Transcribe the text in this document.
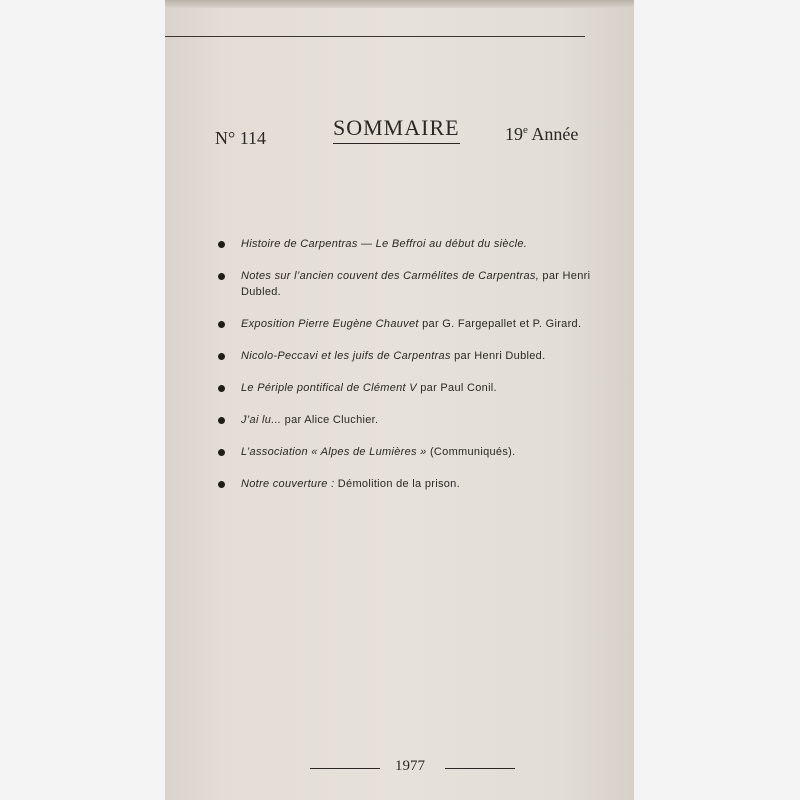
N° 114	SOMMAIRE	19e Année
Histoire de Carpentras — Le Beffroi au début du siècle.
Notes sur l’ancien couvent des Carmélites de Carpentras, par Henri Dubled.
Exposition Pierre Eugène Chauvet par G. Fargepallet et P. Girard.
Nicolo-Peccavi et les juifs de Carpentras par Henri Dubled.
Le Périple pontifical de Clément V par Paul Conil.
J’ai lu... par Alice Cluchier.
L’association « Alpes de Lumières » (Communiqués).
Notre couverture : Démolition de la prison.
1977
